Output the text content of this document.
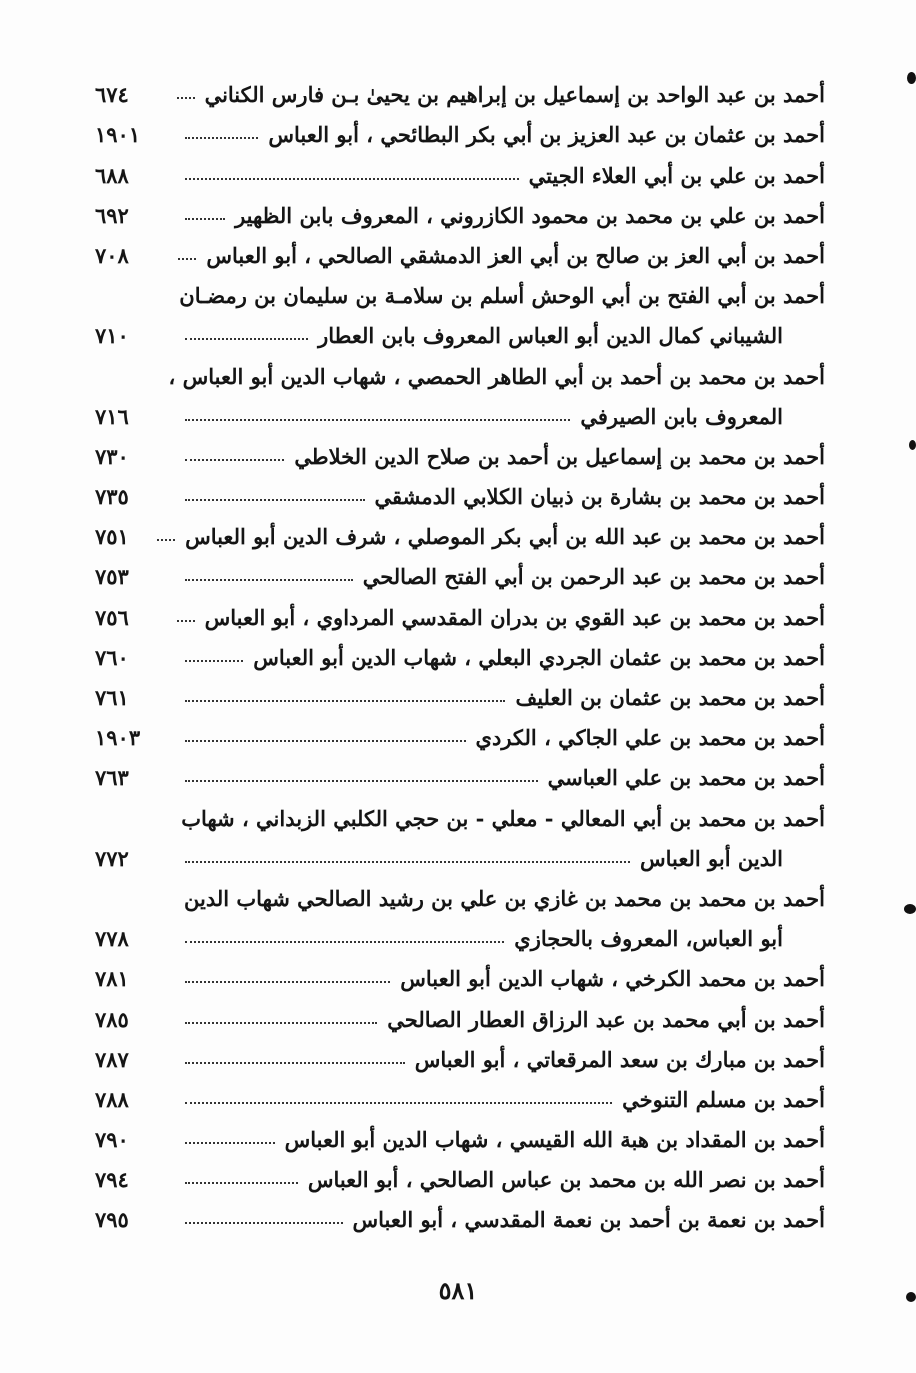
أحمد بن عبد الواحد بن إسماعيل بن إبراهيم بن يحيىٰ بـن فارس الكناني
٦٧٤
أحمد بن عثمان بن عبد العزيز بن أبي بكر البطائحي ، أبو العباس
١٩٠١
أحمد بن علي بن أبي العلاء الجيتي
٦٨٨
أحمد بن علي بن محمد بن محمود الكازروني ، المعروف بابن الظهير
٦٩٢
أحمد بن أبي العز بن صالح بن أبي العز الدمشقي الصالحي ، أبو العباس
٧٠٨
أحمد بن أبي الفتح بن أبي الوحش أسلم بن سلامـة بن سليمان بن رمضـان
الشيباني كمال الدين أبو العباس المعروف بابن العطار
٧١٠
أحمد بن محمد بن أحمد بن أبي الطاهر الحمصي ، شهاب الدين أبو العباس ،
المعروف بابن الصيرفي
٧١٦
أحمد بن محمد بن إسماعيل بن أحمد بن صلاح الدين الخلاطي
٧٣٠
أحمد بن محمد بن بشارة بن ذبيان الكلابي الدمشقي
٧٣٥
أحمد بن محمد بن عبد الله بن أبي بكر الموصلي ، شرف الدين أبو العباس
٧٥١
أحمد بن محمد بن عبد الرحمن بن أبي الفتح الصالحي
٧٥٣
أحمد بن محمد بن عبد القوي بن بدران المقدسي المرداوي ، أبو العباس
٧٥٦
أحمد بن محمد بن عثمان الجردي البعلي ، شهاب الدين أبو العباس
٧٦٠
أحمد بن محمد بن عثمان بن العليف
٧٦١
أحمد بن محمد بن علي الجاكي ، الكردي
١٩٠٣
أحمد بن محمد بن علي العباسي
٧٦٣
أحمد بن محمد بن أبي المعالي - معلي - بن حجي الكلبي الزبداني ، شهاب
الدين أبو العباس
٧٧٢
أحمد بن محمد بن محمد بن غازي بن علي بن رشيد الصالحي شهاب الدين
أبو العباس، المعروف بالحجازي
٧٧٨
أحمد بن محمد الكرخي ، شهاب الدين أبو العباس
٧٨١
أحمد بن أبي محمد بن عبد الرزاق العطار الصالحي
٧٨٥
أحمد بن مبارك بن سعد المرقعاتي ، أبو العباس
٧٨٧
أحمد بن مسلم التنوخي
٧٨٨
أحمد بن المقداد بن هبة الله القيسي ، شهاب الدين أبو العباس
٧٩٠
أحمد بن نصر الله بن محمد بن عباس الصالحي ، أبو العباس
٧٩٤
أحمد بن نعمة بن أحمد بن نعمة المقدسي ، أبو العباس
٧٩٥
٥٨١
